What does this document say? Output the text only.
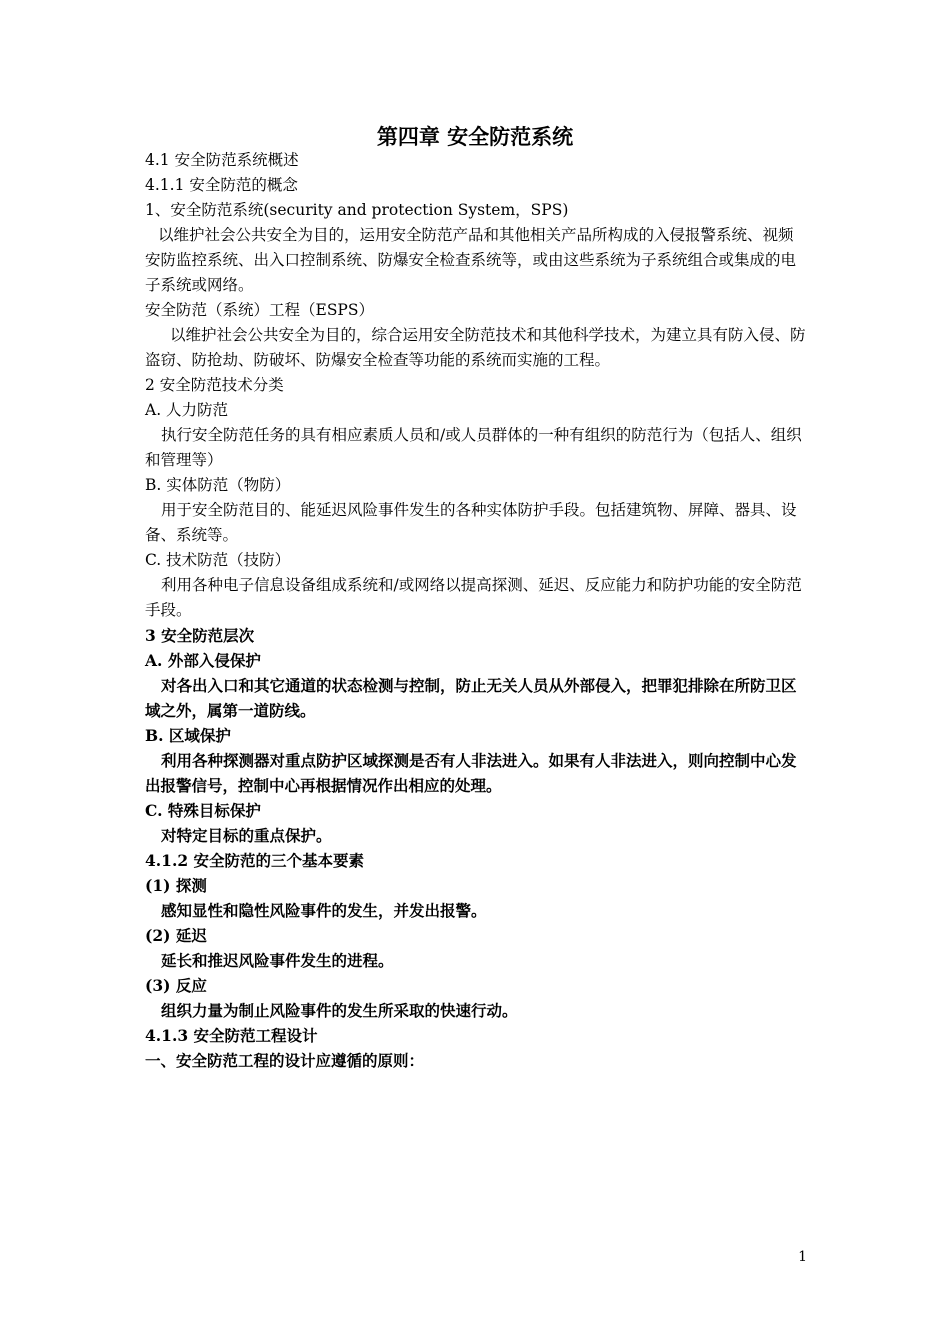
第四章 安全防范系统

4.1 安全防范系统概述

4.1.1 安全防范的概念

1、安全防范系统(security and protection System，SPS)

以维护社会公共安全为目的，运用安全防范产品和其他相关产品所构成的入侵报警系统、视频安防监控系统、出入口控制系统、防爆安全检查系统等，或由这些系统为子系统组合或集成的电子系统或网络。

安全防范（系统）工程（ESPS）

以维护社会公共安全为目的，综合运用安全防范技术和其他科学技术，为建立具有防入侵、防盗窃、防抢劫、防破坏、防爆安全检查等功能的系统而实施的工程。

2 安全防范技术分类

A. 人力防范

执行安全防范任务的具有相应素质人员和/或人员群体的一种有组织的防范行为（包括人、组织和管理等）

B. 实体防范（物防）

用于安全防范目的、能延迟风险事件发生的各种实体防护手段。包括建筑物、屏障、器具、设备、系统等。

C. 技术防范（技防）

利用各种电子信息设备组成系统和/或网络以提高探测、延迟、反应能力和防护功能的安全防范手段。

3 安全防范层次

A. 外部入侵保护

对各出入口和其它通道的状态检测与控制，防止无关人员从外部侵入，把罪犯排除在所防卫区域之外，属第一道防线。

B. 区域保护

利用各种探测器对重点防护区域探测是否有人非法进入。如果有人非法进入，则向控制中心发出报警信号，控制中心再根据情况作出相应的处理。

C. 特殊目标保护

对特定目标的重点保护。

4.1.2 安全防范的三个基本要素

(1) 探测

感知显性和隐性风险事件的发生，并发出报警。

(2) 延迟

延长和推迟风险事件发生的进程。

(3) 反应

组织力量为制止风险事件的发生所采取的快速行动。

4.1.3 安全防范工程设计

一、安全防范工程的设计应遵循的原则：

1
